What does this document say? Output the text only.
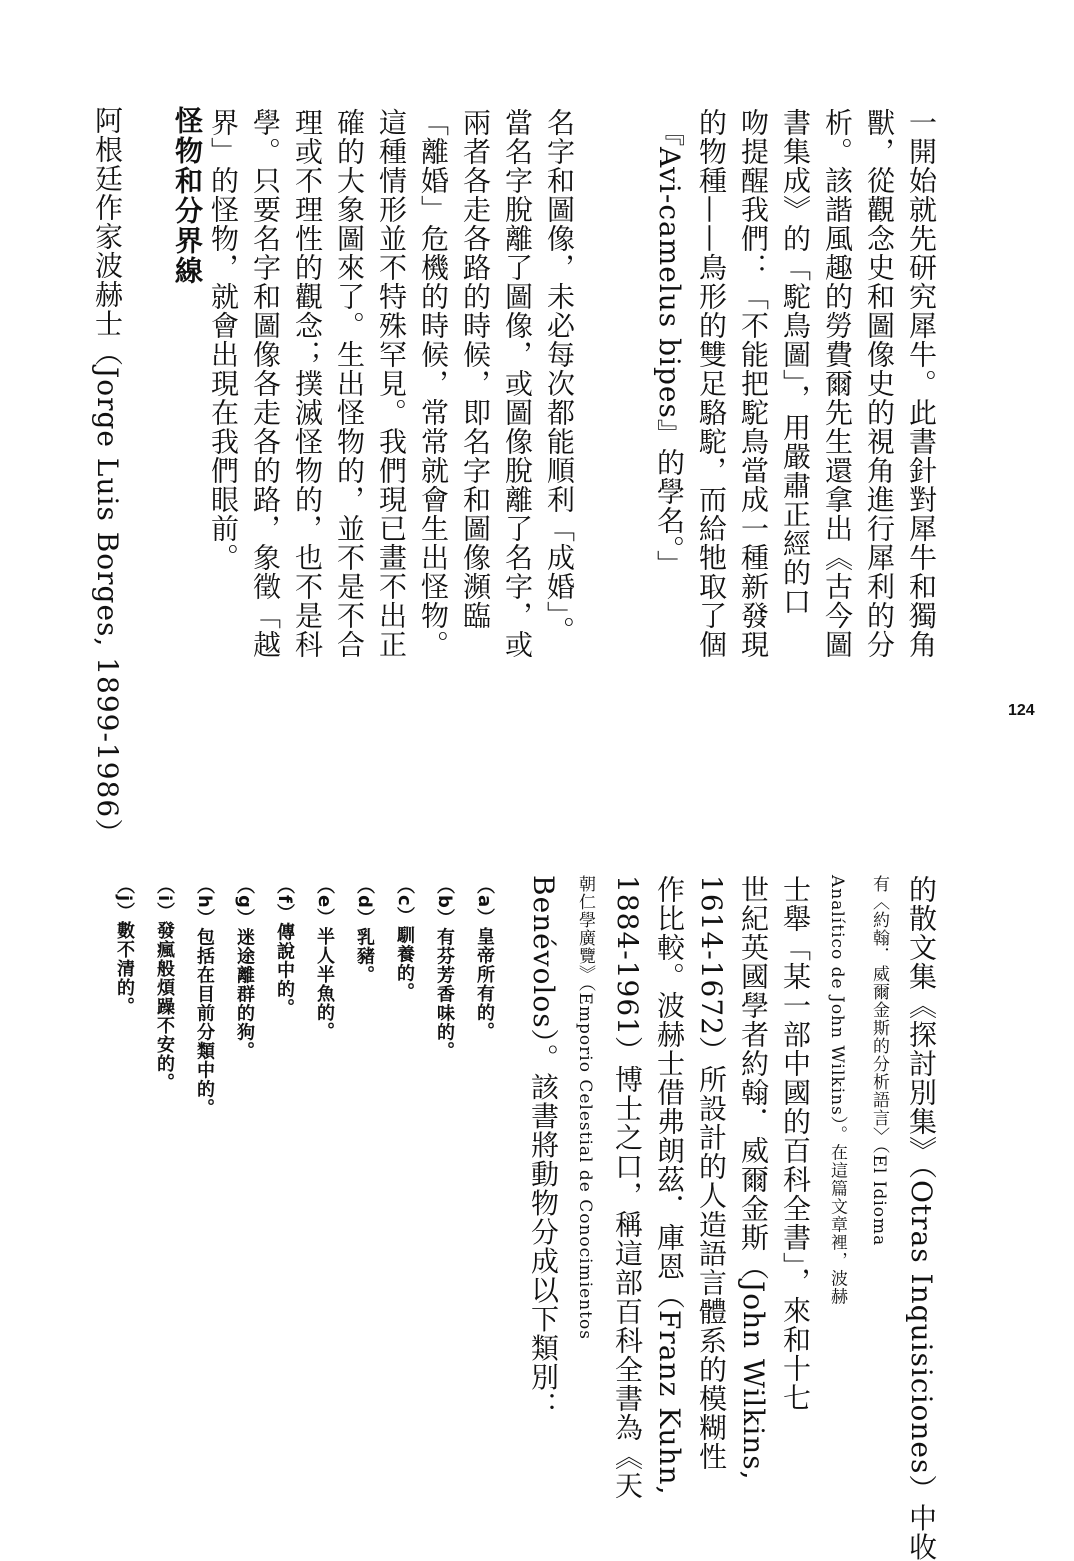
一開始就先研究犀牛。此書針對犀牛和獨角
獸，從觀念史和圖像史的視角進行犀利的分
析。該諧風趣的勞費爾先生還拿出《古今圖
書集成》的「駝鳥圖」，用嚴肅正經的口
吻提醒我們：「不能把駝鳥當成一種新發現
的物種——鳥形的雙足駱駝，而給牠取了個
『Avi-camelus bipes』的學名。」
名字和圖像，未必每次都能順利「成婚」。
當名字脫離了圖像，或圖像脫離了名字，或
兩者各走各路的時候，即名字和圖像瀕臨
「離婚」危機的時候，常常就會生出怪物。
這種情形並不特殊罕見。我們現已畫不出正
確的大象圖來了。生出怪物的，並不是不合
理或不理性的觀念；撲滅怪物的，也不是科
學。只要名字和圖像各走各的路，象徵「越
界」的怪物，就會出現在我們眼前。
怪物和分界線
阿根廷作家波赫士（Jorge Luis Borges, 1899-1986）	124
的散文集《探討別集》（Otras Inquisiciones）中收
有〈約翰．威爾金斯的分析語言〉（El Idioma
Analítico de John Wilkins）。在這篇文章裡，波赫
士舉「某一部中國的百科全書」，來和十七
世紀英國學者約翰．威爾金斯（John Wilkins,
1614-1672）所設計的人造語言體系的模糊性
作比較。波赫士借弗朗茲．庫恩（Franz Kuhn,
1884-1961）博士之口，稱這部百科全書為《天
朝仁學廣覽》（Emporio Celestial de Conocimientos
Benévolos）。該書將動物分成以下類別：
（a）皇帝所有的。
（b）有芬芳香味的。
（c）馴養的。
（d）乳豬。
（e）半人半魚的。
（f）傳說中的。
（g）迷途離群的狗。
（h）包括在目前分類中的。
（i）發瘋般煩躁不安的。
（j）數不清的。
